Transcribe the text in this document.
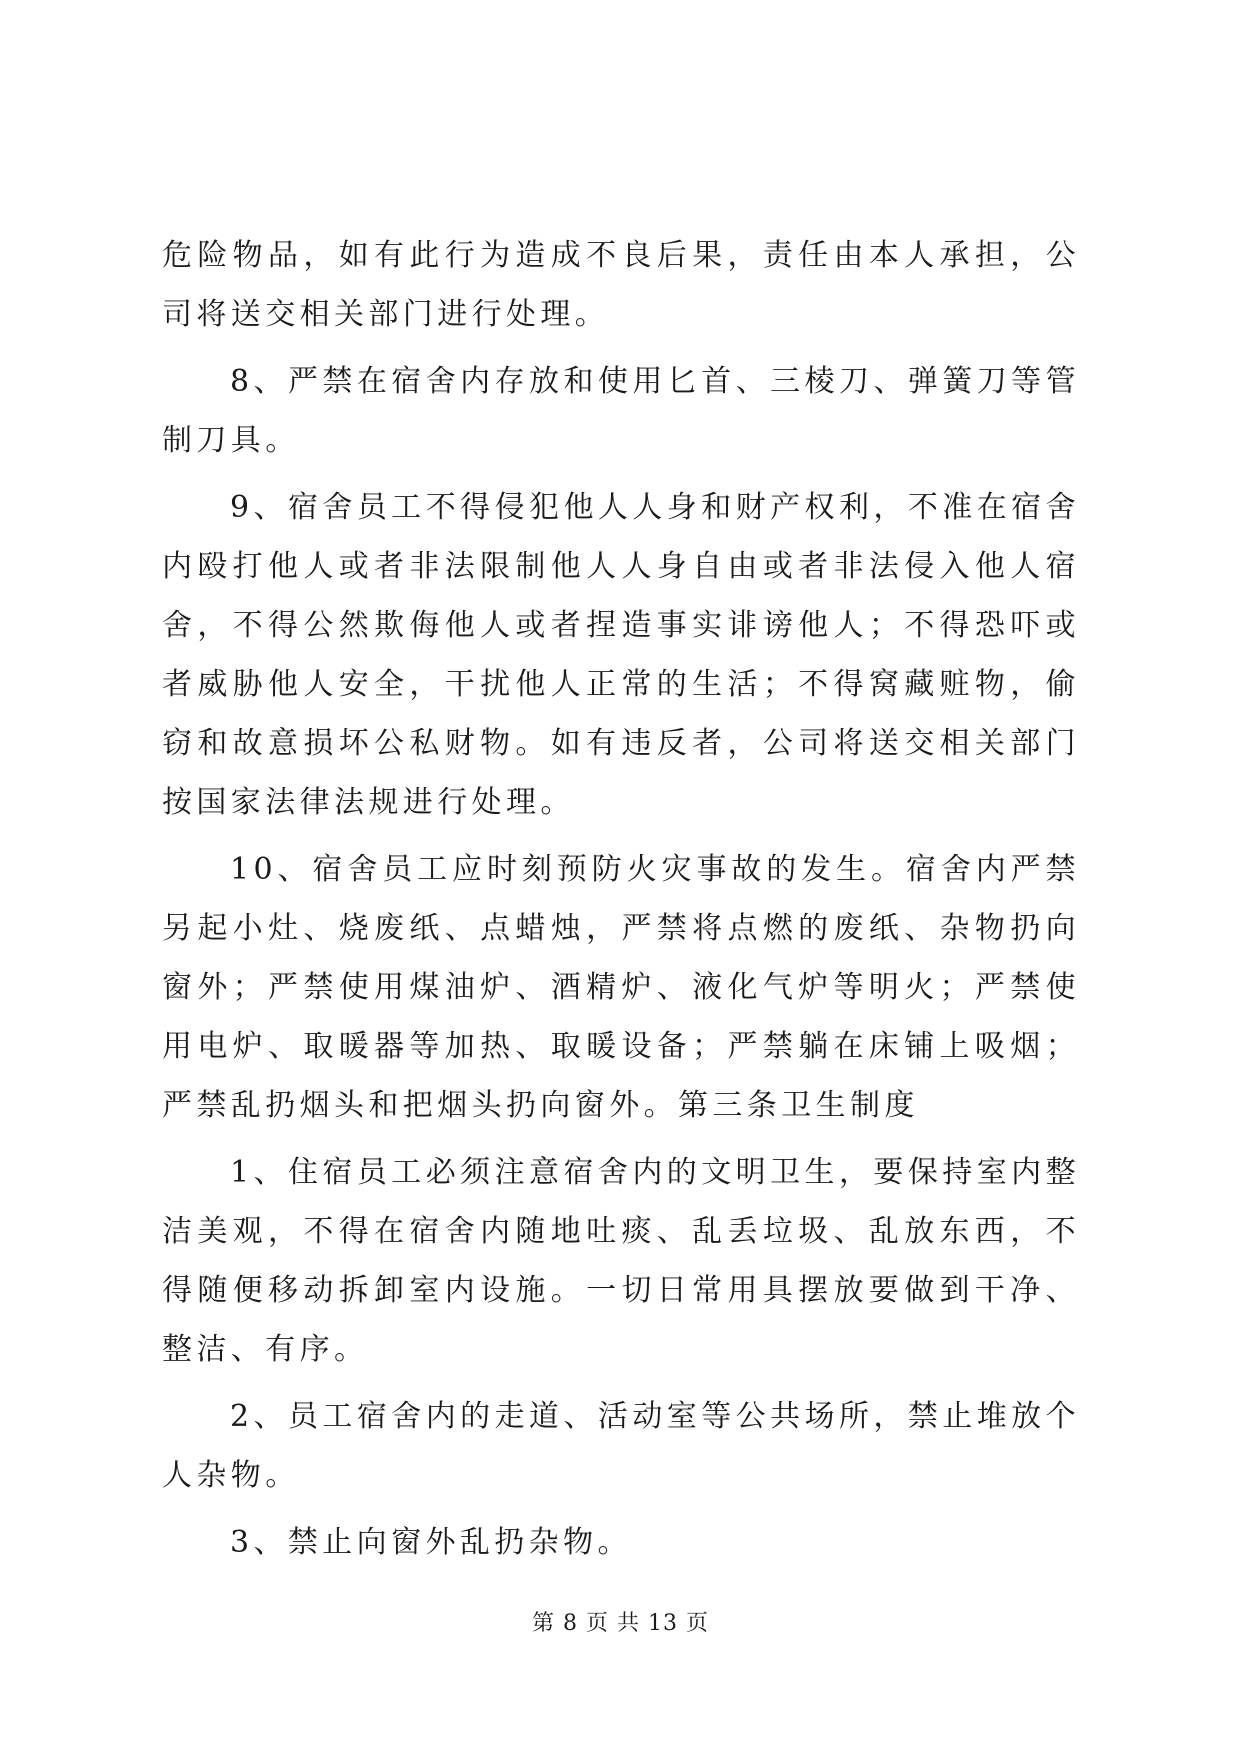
危险物品，如有此行为造成不良后果，责任由本人承担，公司将送交相关部门进行处理。

8、严禁在宿舍内存放和使用匕首、三棱刀、弹簧刀等管制刀具。

9、宿舍员工不得侵犯他人人身和财产权利，不准在宿舍内殴打他人或者非法限制他人人身自由或者非法侵入他人宿舍，不得公然欺侮他人或者捏造事实诽谤他人；不得恐吓或者威胁他人安全，干扰他人正常的生活；不得窝藏赃物，偷窃和故意损坏公私财物。如有违反者，公司将送交相关部门按国家法律法规进行处理。

10、宿舍员工应时刻预防火灾事故的发生。宿舍内严禁另起小灶、烧废纸、点蜡烛，严禁将点燃的废纸、杂物扔向窗外；严禁使用煤油炉、酒精炉、液化气炉等明火；严禁使用电炉、取暖器等加热、取暖设备；严禁躺在床铺上吸烟；严禁乱扔烟头和把烟头扔向窗外。第三条卫生制度

1、住宿员工必须注意宿舍内的文明卫生，要保持室内整洁美观，不得在宿舍内随地吐痰、乱丢垃圾、乱放东西，不得随便移动拆卸室内设施。一切日常用具摆放要做到干净、整洁、有序。

2、员工宿舍内的走道、活动室等公共场所，禁止堆放个人杂物。

3、禁止向窗外乱扔杂物。

第 8 页 共 13 页
